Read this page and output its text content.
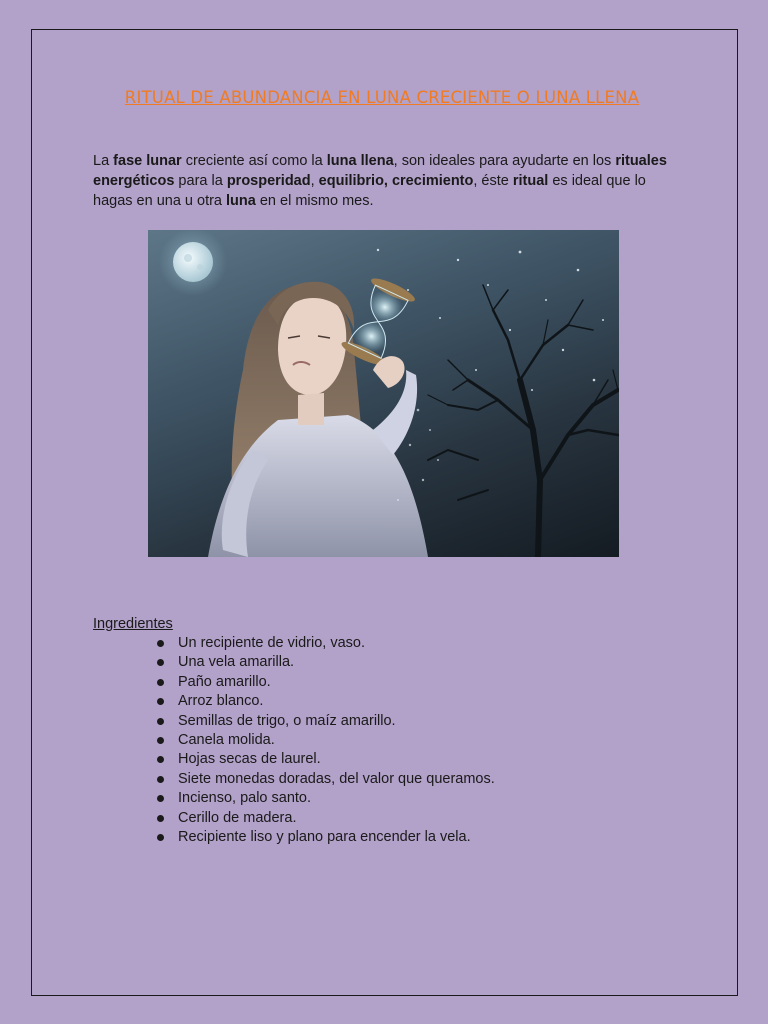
RITUAL DE ABUNDANCIA EN LUNA CRECIENTE O LUNA LLENA

La fase lunar creciente así como la luna llena, son ideales para ayudarte en los rituales energéticos para la prosperidad, equilibrio, crecimiento, éste ritual es ideal que lo hagas en una u otra luna en el mismo mes.

Ingredientes
Un recipiente de vidrio, vaso.
Una vela amarilla.
Paño amarillo.
Arroz blanco.
Semillas de trigo, o maíz amarillo.
Canela molida.
Hojas secas de laurel.
Siete monedas doradas, del valor que queramos.
Incienso, palo santo.
Cerillo de madera.
Recipiente liso y plano para encender la vela.
